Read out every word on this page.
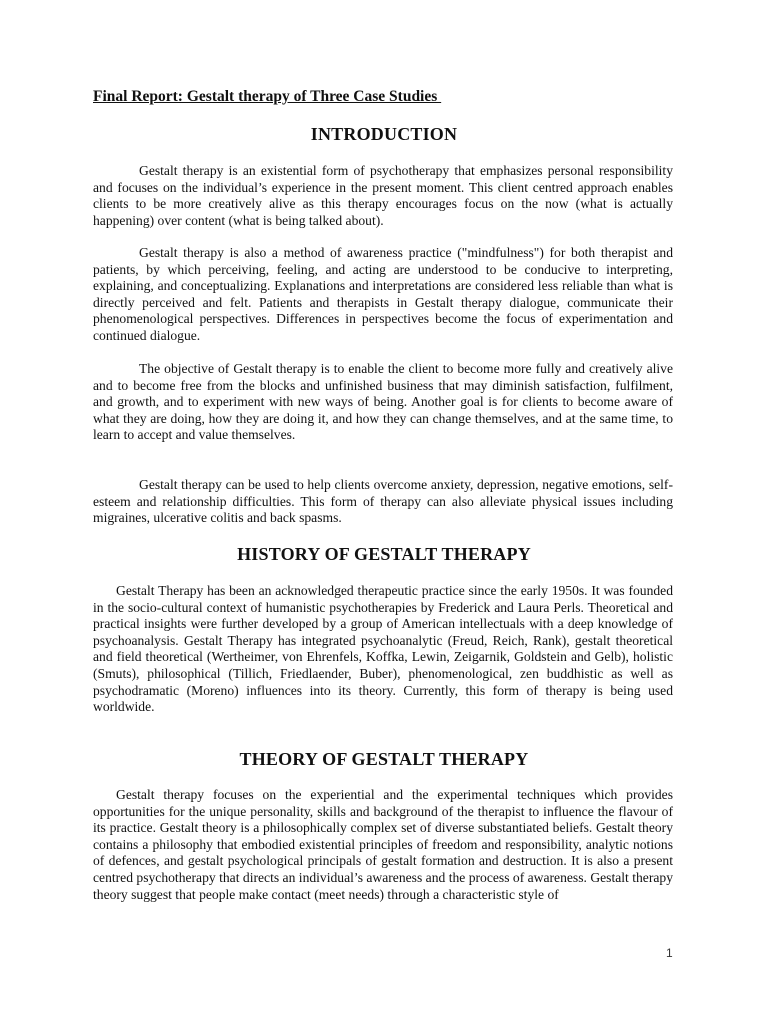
Final Report: Gestalt therapy of Three Case Studies
INTRODUCTION

Gestalt therapy is an existential form of psychotherapy that emphasizes personal responsibility and focuses on the individual’s experience in the present moment. This client centred approach enables clients to be more creatively alive as this therapy encourages focus on the now (what is actually happening) over content (what is being talked about).

Gestalt therapy is also a method of awareness practice ("mindfulness") for both therapist and patients, by which perceiving, feeling, and acting are understood to be conducive to interpreting, explaining, and conceptualizing. Explanations and interpretations are considered less reliable than what is directly perceived and felt. Patients and therapists in Gestalt therapy dialogue, communicate their phenomenological perspectives. Differences in perspectives become the focus of experimentation and continued dialogue.

The objective of Gestalt therapy is to enable the client to become more fully and creatively alive and to become free from the blocks and unfinished business that may diminish satisfaction, fulfilment, and growth, and to experiment with new ways of being. Another goal is for clients to become aware of what they are doing, how they are doing it, and how they can change themselves, and at the same time, to learn to accept and value themselves.

Gestalt therapy can be used to help clients overcome anxiety, depression, negative emotions, self-esteem and relationship difficulties. This form of therapy can also alleviate physical issues including migraines, ulcerative colitis and back spasms.

HISTORY OF GESTALT THERAPY

Gestalt Therapy has been an acknowledged therapeutic practice since the early 1950s. It was founded in the socio-cultural context of humanistic psychotherapies by Frederick and Laura Perls. Theoretical and practical insights were further developed by a group of American intellectuals with a deep knowledge of psychoanalysis. Gestalt Therapy has integrated psychoanalytic (Freud, Reich, Rank), gestalt theoretical and field theoretical (Wertheimer, von Ehrenfels, Koffka, Lewin, Zeigarnik, Goldstein and Gelb), holistic (Smuts), philosophical (Tillich, Friedlaender, Buber), phenomenological, zen buddhistic as well as psychodramatic (Moreno) influences into its theory. Currently, this form of therapy is being used worldwide.

THEORY OF GESTALT THERAPY

Gestalt therapy focuses on the experiential and the experimental techniques which provides opportunities for the unique personality, skills and background of the therapist to influence the flavour of its practice. Gestalt theory is a philosophically complex set of diverse substantiated beliefs. Gestalt theory contains a philosophy that embodied existential principles of freedom and responsibility, analytic notions of defences, and gestalt psychological principals of gestalt formation and destruction. It is also a present centred psychotherapy that directs an individual’s awareness and the process of awareness. Gestalt therapy theory suggest that people make contact (meet needs) through a characteristic style of

1
